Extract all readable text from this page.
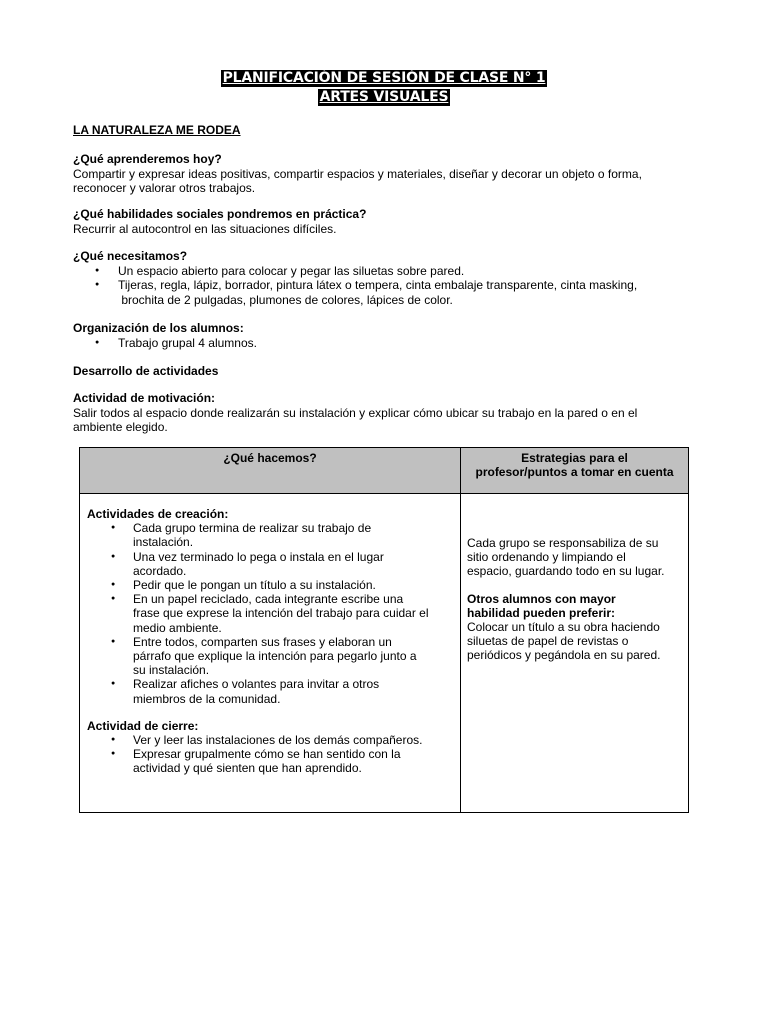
PLANIFICACIÓN DE SESIÓN DE CLASE N° 1
ARTES VISUALES
LA NATURALEZA ME RODEA
¿Qué aprenderemos hoy?
Compartir y expresar ideas positivas, compartir espacios y materiales, diseñar y decorar un objeto o forma,
reconocer y valorar otros trabajos.
¿Qué habilidades sociales pondremos en práctica?
Recurrir al autocontrol en las situaciones difíciles.
¿Qué necesitamos?
● Un espacio abierto para colocar y pegar las siluetas sobre pared.
● Tijeras, regla, lápiz, borrador, pintura látex o tempera, cinta embalaje transparente, cinta masking,
brochita de 2 pulgadas, plumones de colores, lápices de color.
Organización de los alumnos:
● Trabajo grupal 4 alumnos.
Desarrollo de actividades
Actividad de motivación:
Salir todos al espacio donde realizarán su instalación y explicar cómo ubicar su trabajo en la pared o en el
ambiente elegido.
¿Qué hacemos?	Estrategias para el
profesor/puntos a tomar en cuenta
Actividades de creación:
● Cada grupo termina de realizar su trabajo de
instalación.
● Una vez terminado lo pega o instala en el lugar
acordado.
● Pedir que le pongan un título a su instalación.
● En un papel reciclado, cada integrante escribe una
frase que exprese la intención del trabajo para cuidar el
medio ambiente.
● Entre todos, comparten sus frases y elaboran un
párrafo que explique la intención para pegarlo junto a
su instalación.
● Realizar afiches o volantes para invitar a otros
miembros de la comunidad.
Actividad de cierre:
● Ver y leer las instalaciones de los demás compañeros.
● Expresar grupalmente cómo se han sentido con la
actividad y qué sienten que han aprendido.
Cada grupo se responsabiliza de su
sitio ordenando y limpiando el
espacio, guardando todo en su lugar.
Otros alumnos con mayor
habilidad pueden preferir:
Colocar un título a su obra haciendo
siluetas de papel de revistas o
periódicos y pegándola en su pared.
